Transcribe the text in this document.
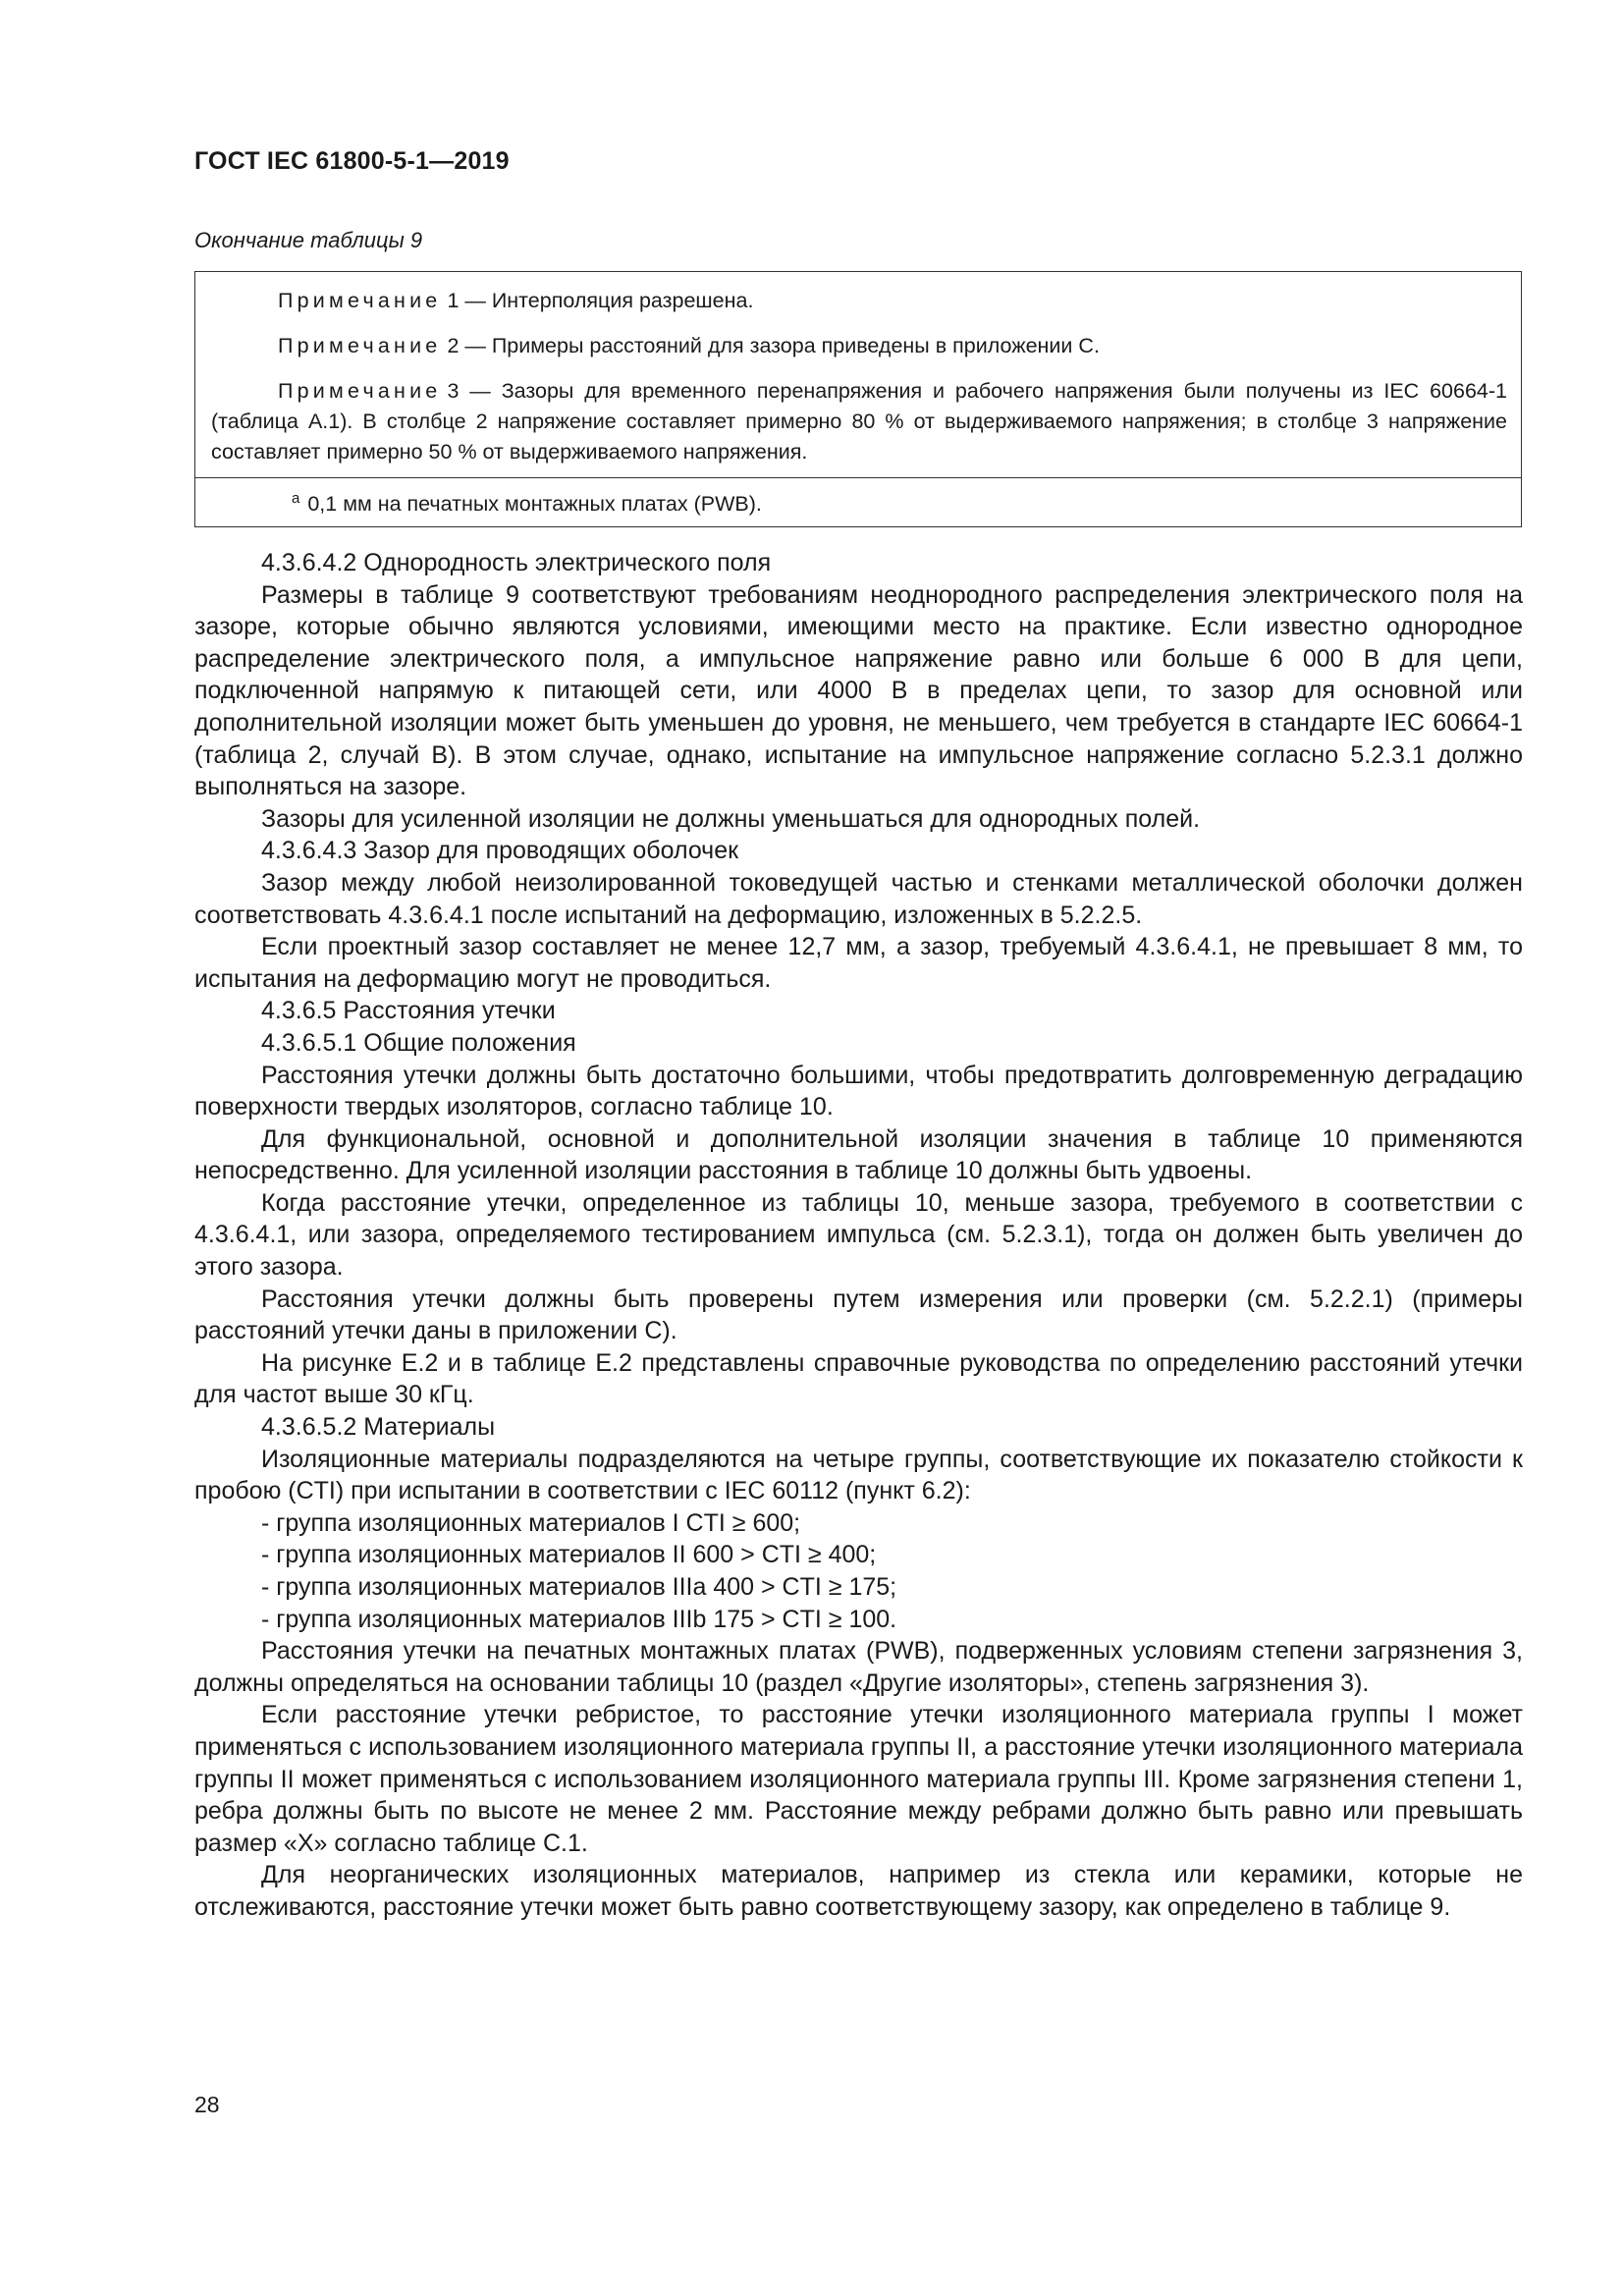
ГОСТ IEC 61800-5-1—2019
Окончание таблицы 9
Примечание 1 — Интерполяция разрешена.
Примечание 2 — Примеры расстояний для зазора приведены в приложении С.
Примечание 3 — Зазоры для временного перенапряжения и рабочего напряжения были получены из IEC 60664-1 (таблица А.1). В столбце 2 напряжение составляет примерно 80 % от выдерживаемого напряжения; в столбце 3 напряжение составляет примерно 50 % от выдерживаемого напряжения.
$^а$ 0,1 мм на печатных монтажных платах (PWB).

4.3.6.4.2 Однородность электрического поля

Размеры в таблице 9 соответствуют требованиям неоднородного распределения электрического поля на зазоре, которые обычно являются условиями, имеющими место на практике. Если известно однородное распределение электрического поля, а импульсное напряжение равно или больше 6 000 В для цепи, подключенной напрямую к питающей сети, или 4000 В в пределах цепи, то зазор для основной или дополнительной изоляции может быть уменьшен до уровня, не меньшего, чем требуется в стандарте IEC 60664-1 (таблица 2, случай В). В этом случае, однако, испытание на импульсное напряжение согласно 5.2.3.1 должно выполняться на зазоре.

Зазоры для усиленной изоляции не должны уменьшаться для однородных полей.

4.3.6.4.3 Зазор для проводящих оболочек

Зазор между любой неизолированной токоведущей частью и стенками металлической оболочки должен соответствовать 4.3.6.4.1 после испытаний на деформацию, изложенных в 5.2.2.5.

Если проектный зазор составляет не менее 12,7 мм, а зазор, требуемый 4.3.6.4.1, не превышает 8 мм, то испытания на деформацию могут не проводиться.

4.3.6.5 Расстояния утечки

4.3.6.5.1 Общие положения

Расстояния утечки должны быть достаточно большими, чтобы предотвратить долговременную деградацию поверхности твердых изоляторов, согласно таблице 10.

Для функциональной, основной и дополнительной изоляции значения в таблице 10 применяются непосредственно. Для усиленной изоляции расстояния в таблице 10 должны быть удвоены.

Когда расстояние утечки, определенное из таблицы 10, меньше зазора, требуемого в соответствии с 4.3.6.4.1, или зазора, определяемого тестированием импульса (см. 5.2.3.1), тогда он должен быть увеличен до этого зазора.

Расстояния утечки должны быть проверены путем измерения или проверки (см. 5.2.2.1) (примеры расстояний утечки даны в приложении С).

На рисунке Е.2 и в таблице Е.2 представлены справочные руководства по определению расстояний утечки для частот выше 30 кГц.

4.3.6.5.2 Материалы

Изоляционные материалы подразделяются на четыре группы, соответствующие их показателю стойкости к пробою (CTI) при испытании в соответствии с IEC 60112 (пункт 6.2):

- группа изоляционных материалов I CTI ≥ 600;

- группа изоляционных материалов II 600 > CTI ≥ 400;

- группа изоляционных материалов IIIa 400 > CTI ≥ 175;

- группа изоляционных материалов IIIb 175 > CTI ≥ 100.

Расстояния утечки на печатных монтажных платах (PWB), подверженных условиям степени загрязнения 3, должны определяться на основании таблицы 10 (раздел «Другие изоляторы», степень загрязнения 3).

Если расстояние утечки ребристое, то расстояние утечки изоляционного материала группы I может применяться с использованием изоляционного материала группы II, а расстояние утечки изоляционного материала группы II может применяться с использованием изоляционного материала группы III. Кроме загрязнения степени 1, ребра должны быть по высоте не менее 2 мм. Расстояние между ребрами должно быть равно или превышать размер «X» согласно таблице С.1.

Для неорганических изоляционных материалов, например из стекла или керамики, которые не отслеживаются, расстояние утечки может быть равно соответствующему зазору, как определено в таблице 9.

28
